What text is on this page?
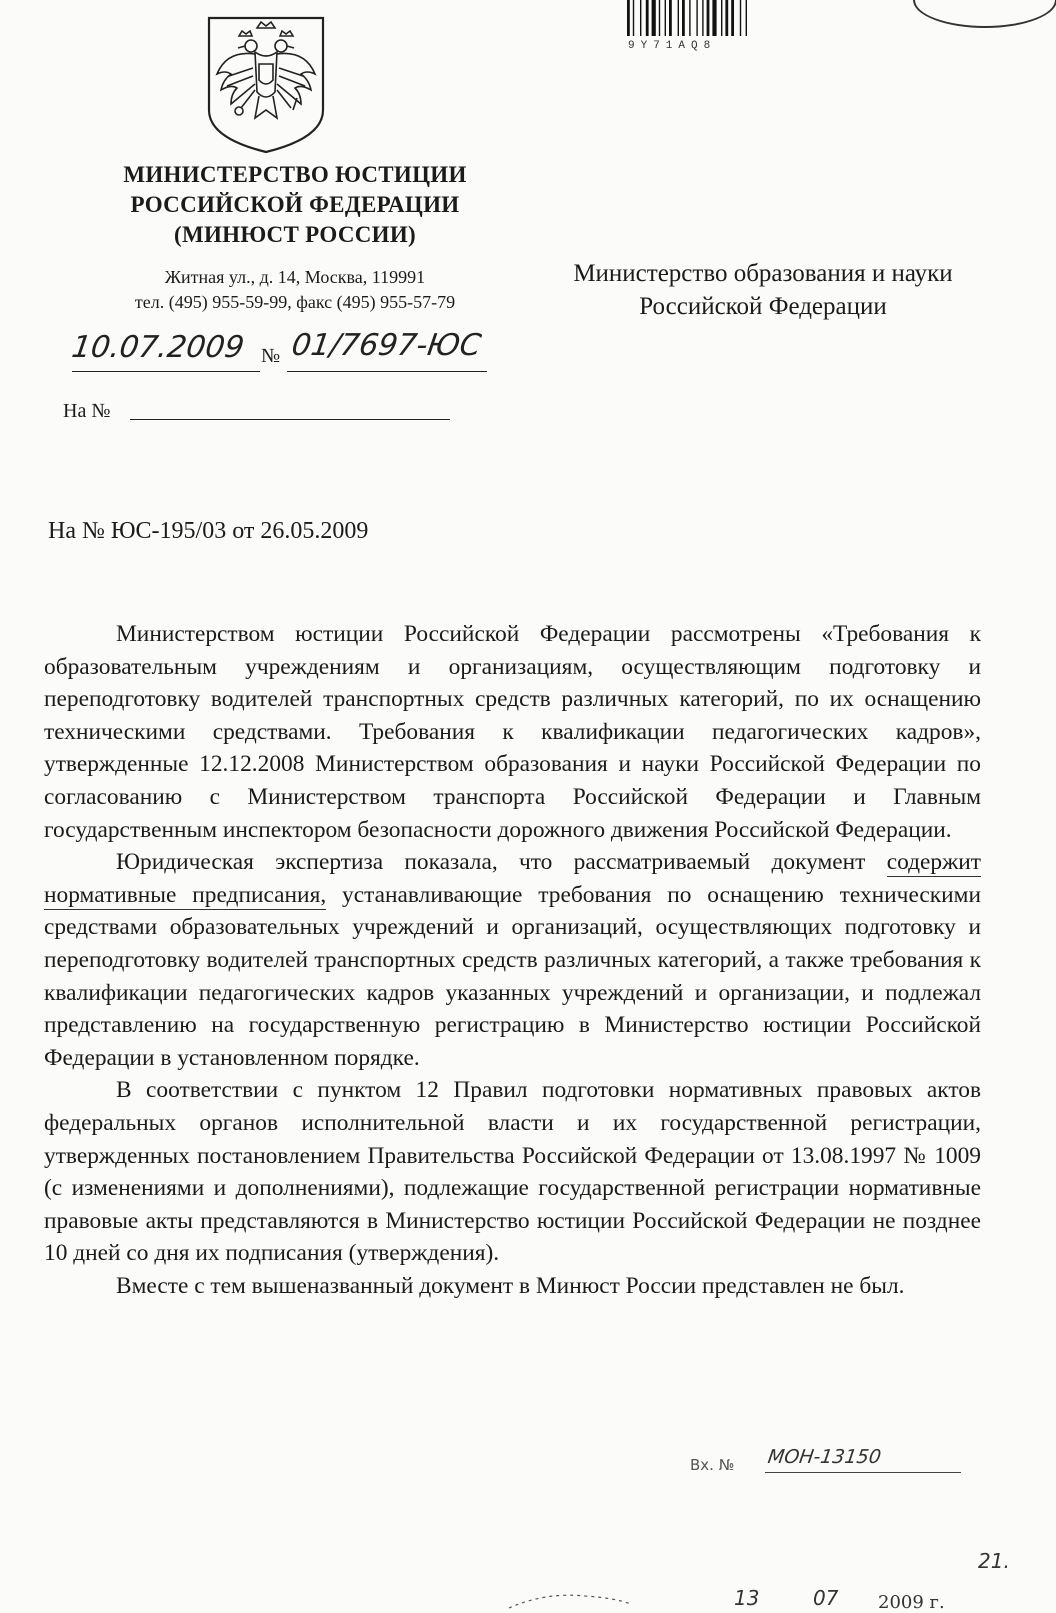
9Y71AQ8
МИНИСТЕРСТВО ЮСТИЦИИ
РОССИЙСКОЙ ФЕДЕРАЦИИ
(МИНЮСТ РОССИИ)
Житная ул., д. 14, Москва, 119991
тел. (495) 955-59-99, факс (495) 955-57-79
10.07.2009 № 01/7697-ЮС
На №
Министерство образования и науки
Российской Федерации
На № ЮС-195/03 от 26.05.2009

Министерством юстиции Российской Федерации рассмотрены «Требования к образовательным учреждениям и организациям, осуществляющим подготовку и переподготовку водителей транспортных средств различных категорий, по их оснащению техническими средствами. Требования к квалификации педагогических кадров», утвержденные 12.12.2008 Министерством образования и науки Российской Федерации по согласованию с Министерством транспорта Российской Федерации и Главным государственным инспектором безопасности дорожного движения Российской Федерации.

Юридическая экспертиза показала, что рассматриваемый документ содержит нормативные предписания, устанавливающие требования по оснащению техническими средствами образовательных учреждений и организаций, осуществляющих подготовку и переподготовку водителей транспортных средств различных категорий, а также требования к квалификации педагогических кадров указанных учреждений и организации, и подлежал представлению на государственную регистрацию в Министерство юстиции Российской Федерации в установленном порядке.

В соответствии с пунктом 12 Правил подготовки нормативных правовых актов федеральных органов исполнительной власти и их государственной регистрации, утвержденных постановлением Правительства Российской Федерации от 13.08.1997 № 1009 (с изменениями и дополнениями), подлежащие государственной регистрации нормативные правовые акты представляются в Министерство юстиции Российской Федерации не позднее 10 дней со дня их подписания (утверждения).

Вместе с тем вышеназванный документ в Минюст России представлен не был.

Вх. № МОН-13150
13	07 2009 г.
21.
